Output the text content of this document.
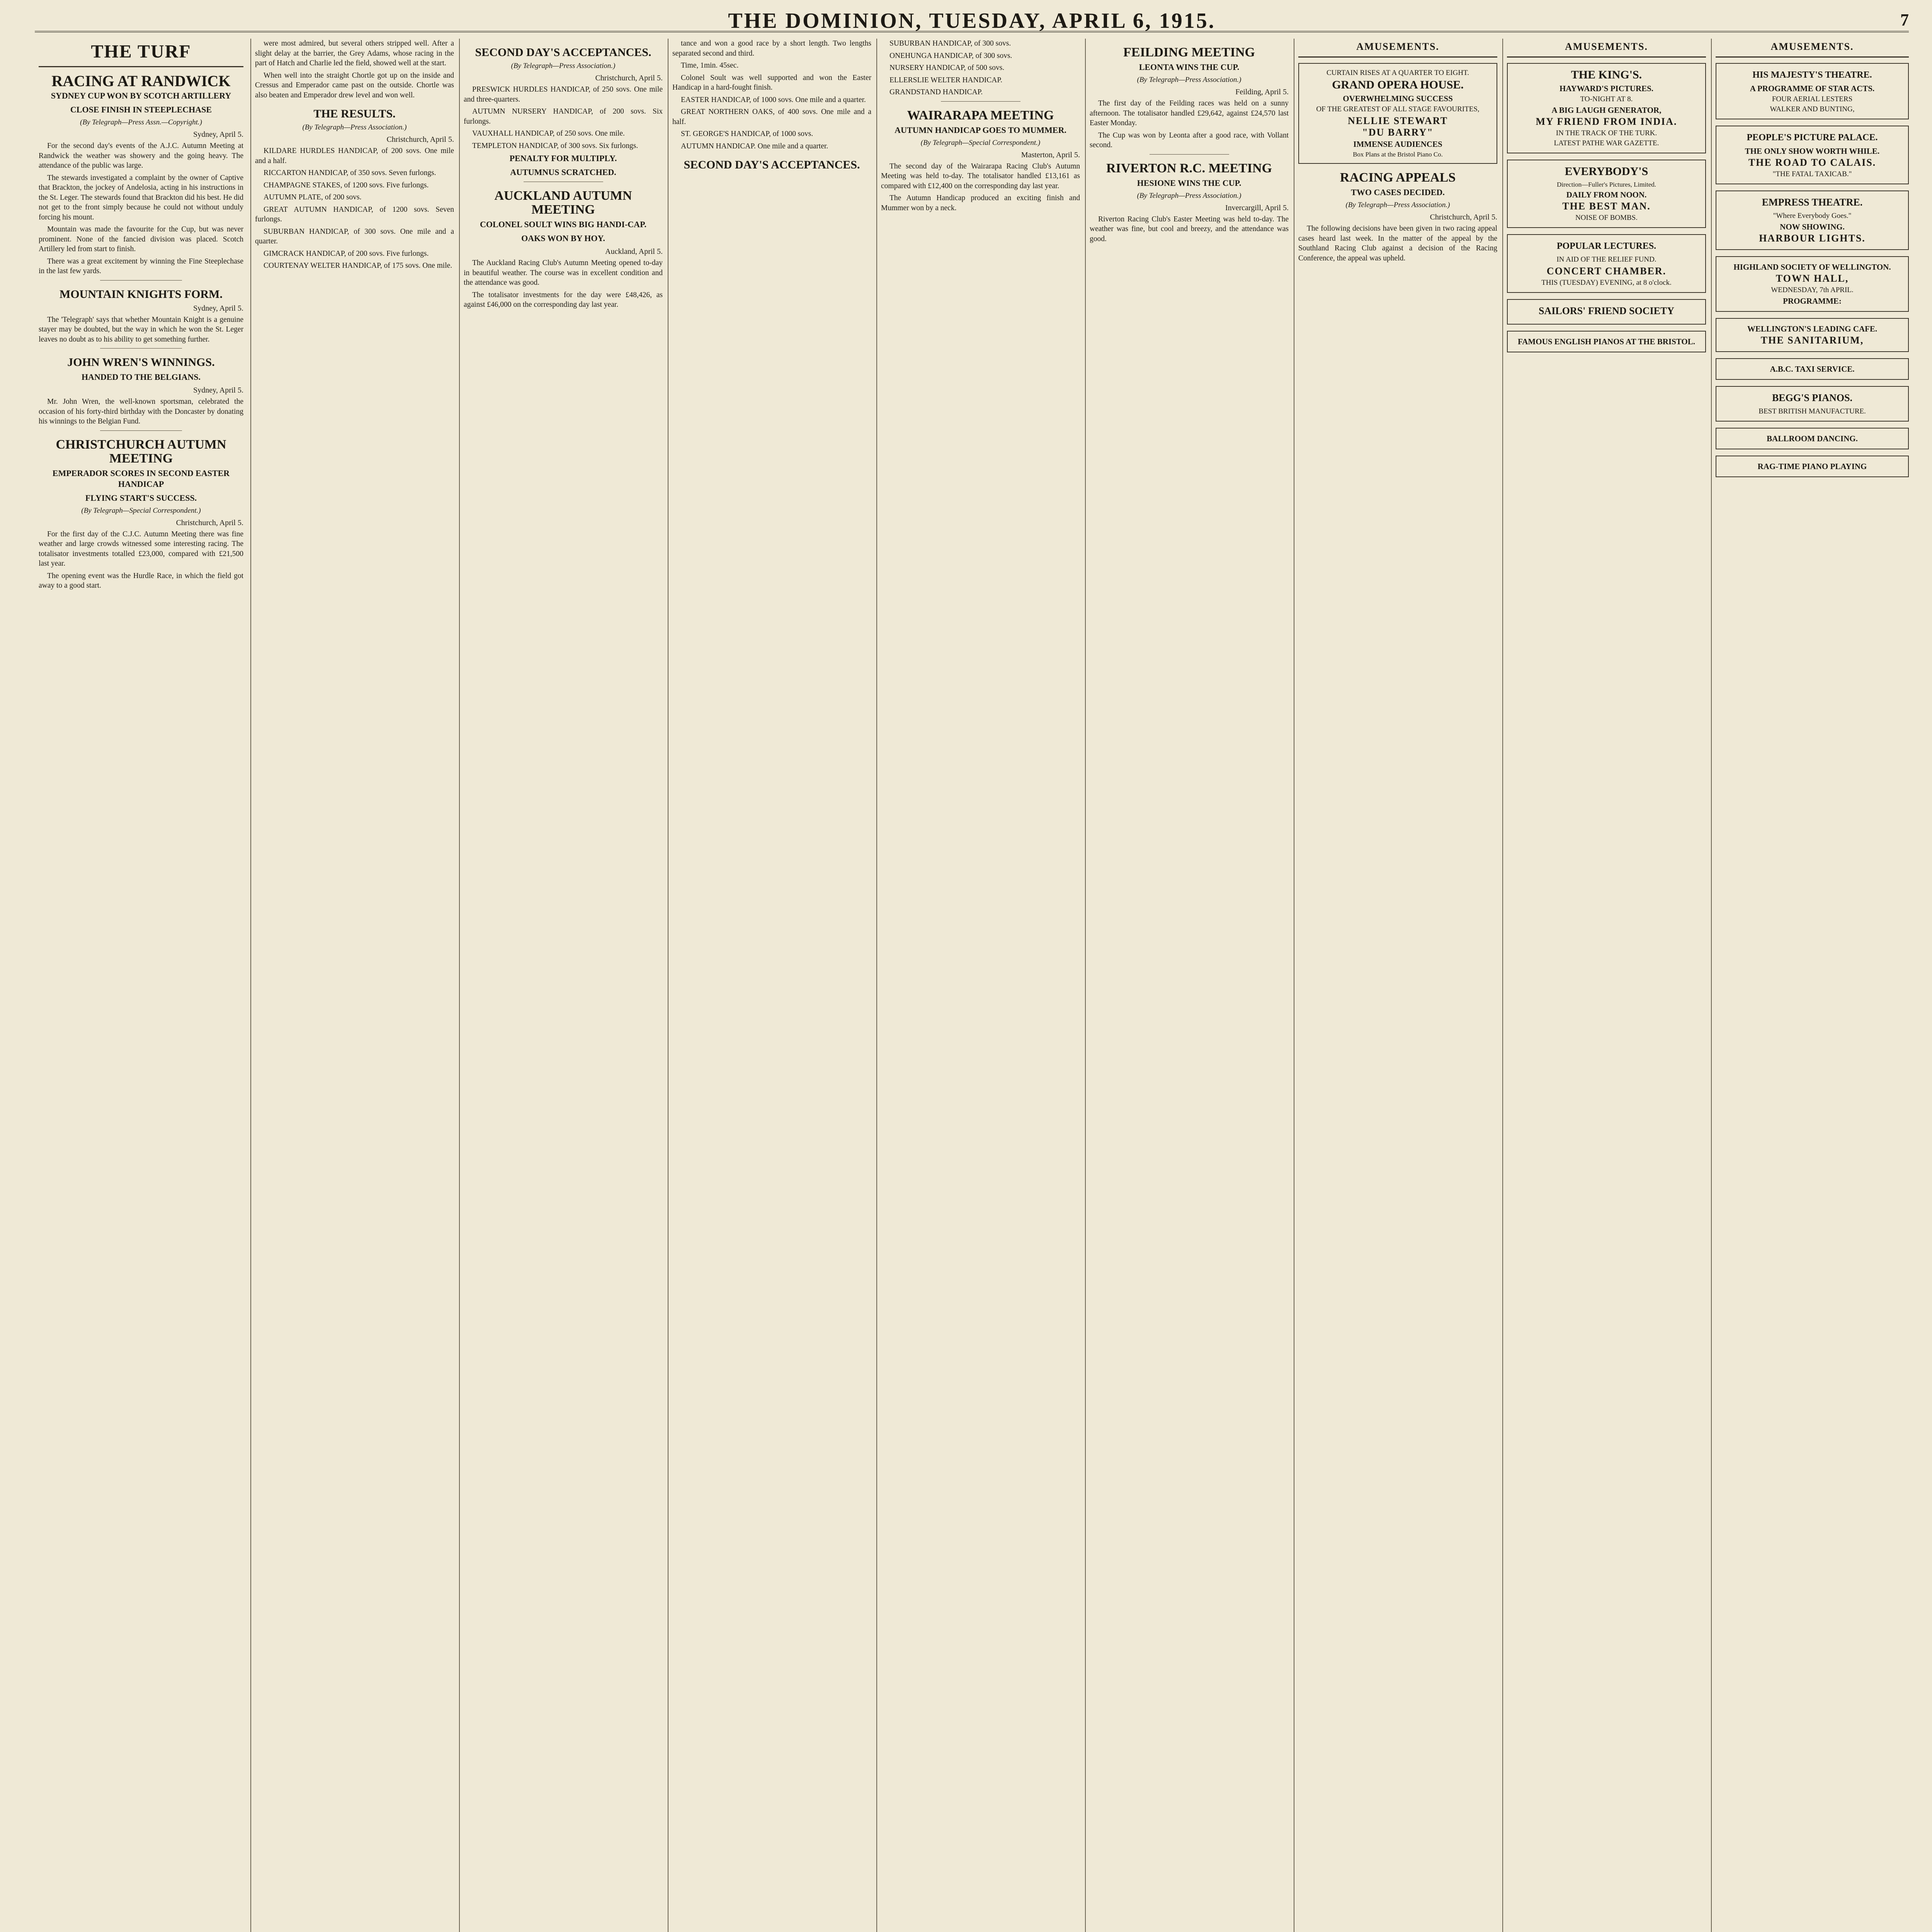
THE DOMINION, TUESDAY, APRIL 6, 1915.	7
THE TURF
RACING AT RANDWICK
SYDNEY CUP WON BY SCOTCH ARTILLERY
CLOSE FINISH IN STEEPLECHASE
(By Telegraph—Press Assn.—Copyright.)
Sydney, April 5.

For the second day's events of the A.J.C. Autumn Meeting at Randwick the weather was showery and the going heavy. The attendance of the public was large.

The stewards investigated a complaint by the owner of Captive that Brackton, the jockey of Andelosia, acting in his instructions in the St. Leger. The stewards found that Brackton did his best. He did not get to the front simply because he could not without unduly forcing his mount.

Mountain was made the favourite for the Cup, but was never prominent. None of the fancied division was placed. Scotch Artillery led from start to finish.

There was a great excitement by winning the Fine Steeplechase in the last few yards.

MOUNTAIN KNIGHTS FORM.
Sydney, April 5.

The 'Telegraph' says that whether Mountain Knight is a genuine stayer may be doubted, but the way in which he won the St. Leger leaves no doubt as to his ability to get something further.

JOHN WREN'S WINNINGS.
HANDED TO THE BELGIANS.
Sydney, April 5.

Mr. John Wren, the well-known sportsman, celebrated the occasion of his forty-third birthday with the Doncaster by donating his winnings to the Belgian Fund.

CHRISTCHURCH AUTUMN MEETING
EMPERADOR SCORES IN SECOND EASTER HANDICAP
FLYING START'S SUCCESS.
(By Telegraph—Special Correspondent.)
Christchurch, April 5.

For the first day of the C.J.C. Autumn Meeting there was fine weather and large crowds witnessed some interesting racing. The totalisator investments totalled £23,000, compared with £21,500 last year.

The opening event was the Hurdle Race, in which the field got away to a good start.

were most admired, but several others stripped well. After a slight delay at the barrier, the Grey Adams, whose racing in the part of Hatch and Charlie led the field, showed well at the start.

When well into the straight Chortle got up on the inside and Cressus and Emperador came past on the outside. Chortle was also beaten and Emperador drew level and won well.

THE RESULTS.
(By Telegraph—Press Association.)
Christchurch, April 5.

KILDARE HURDLES HANDICAP, of 200 sovs. One mile and a half.

RICCARTON HANDICAP, of 350 sovs. Seven furlongs.

CHAMPAGNE STAKES, of 1200 sovs. Five furlongs.

AUTUMN PLATE, of 200 sovs.

GREAT AUTUMN HANDICAP, of 1200 sovs. Seven furlongs.

SUBURBAN HANDICAP, of 300 sovs. One mile and a quarter.

GIMCRACK HANDICAP, of 200 sovs. Five furlongs.

COURTENAY WELTER HANDICAP, of 175 sovs. One mile.

SECOND DAY'S ACCEPTANCES.
(By Telegraph—Press Association.)
Christchurch, April 5.

PRESWICK HURDLES HANDICAP, of 250 sovs. One mile and three-quarters.

AUTUMN NURSERY HANDICAP, of 200 sovs. Six furlongs.

VAUXHALL HANDICAP, of 250 sovs. One mile.

TEMPLETON HANDICAP, of 300 sovs. Six furlongs.

PENALTY FOR MULTIPLY.
AUTUMNUS SCRATCHED.
AUCKLAND AUTUMN MEETING
COLONEL SOULT WINS BIG HANDI-CAP.
OAKS WON BY HOY.
Auckland, April 5.

The Auckland Racing Club's Autumn Meeting opened to-day in beautiful weather. The course was in excellent condition and the attendance was good.

The totalisator investments for the day were £48,426, as against £46,000 on the corresponding day last year.

tance and won a good race by a short length. Two lengths separated second and third.

Time, 1min. 45sec.

Colonel Soult was well supported and won the Easter Handicap in a hard-fought finish.

EASTER HANDICAP, of 1000 sovs. One mile and a quarter.

GREAT NORTHERN OAKS, of 400 sovs. One mile and a half.

ST. GEORGE'S HANDICAP, of 1000 sovs.

AUTUMN HANDICAP. One mile and a quarter.

SECOND DAY'S ACCEPTANCES.

SUBURBAN HANDICAP, of 300 sovs.

ONEHUNGA HANDICAP, of 300 sovs.

NURSERY HANDICAP, of 500 sovs.

ELLERSLIE WELTER HANDICAP.

GRANDSTAND HANDICAP.

WAIRARAPA MEETING
AUTUMN HANDICAP GOES TO MUMMER.
(By Telegraph—Special Correspondent.)
Masterton, April 5.

The second day of the Wairarapa Racing Club's Autumn Meeting was held to-day. The totalisator handled £13,161 as compared with £12,400 on the corresponding day last year.

The Autumn Handicap produced an exciting finish and Mummer won by a neck.

FEILDING MEETING
LEONTA WINS THE CUP.
(By Telegraph—Press Association.)
Feilding, April 5.

The first day of the Feilding races was held on a sunny afternoon. The totalisator handled £29,642, against £24,570 last Easter Monday.

The Cup was won by Leonta after a good race, with Vollant second.

RIVERTON R.C. MEETING
HESIONE WINS THE CUP.
(By Telegraph—Press Association.)
Invercargill, April 5.

Riverton Racing Club's Easter Meeting was held to-day. The weather was fine, but cool and breezy, and the attendance was good.

AMUSEMENTS.
CURTAIN RISES AT A QUARTER TO EIGHT.
GRAND OPERA HOUSE.
OVERWHELMING SUCCESS
OF THE GREATEST OF ALL STAGE FAVOURITES,
NELLIE STEWART
"DU BARRY"
IMMENSE AUDIENCES
Box Plans at the Bristol Piano Co.
RACING APPEALS
TWO CASES DECIDED.
(By Telegraph—Press Association.)
Christchurch, April 5.

The following decisions have been given in two racing appeal cases heard last week. In the matter of the appeal by the Southland Racing Club against a decision of the Racing Conference, the appeal was upheld.

AMUSEMENTS.
THE KING'S.
HAYWARD'S PICTURES.
TO-NIGHT AT 8.
A BIG LAUGH GENERATOR,
MY FRIEND FROM INDIA.
IN THE TRACK OF THE TURK.
LATEST PATHE WAR GAZETTE.
EVERYBODY'S
Direction—Fuller's Pictures, Limited.
DAILY FROM NOON.
THE BEST MAN.
NOISE OF BOMBS.
POPULAR LECTURES.
IN AID OF THE RELIEF FUND.
CONCERT CHAMBER.
THIS (TUESDAY) EVENING, at 8 o'clock.
SAILORS' FRIEND SOCIETY
FAMOUS ENGLISH PIANOS AT THE BRISTOL.
AMUSEMENTS.
HIS MAJESTY'S THEATRE.
A PROGRAMME OF STAR ACTS.
FOUR AERIAL LESTERS
WALKER AND BUNTING,
PEOPLE'S PICTURE PALACE.
THE ONLY SHOW WORTH WHILE.
THE ROAD TO CALAIS.
"THE FATAL TAXICAB."
EMPRESS THEATRE.
"Where Everybody Goes."
NOW SHOWING.
HARBOUR LIGHTS.
HIGHLAND SOCIETY OF WELLINGTON.
TOWN HALL,
WEDNESDAY, 7th APRIL.
PROGRAMME:
WELLINGTON'S LEADING CAFE.
THE SANITARIUM,
A.B.C. TAXI SERVICE.
BEGG'S PIANOS.
BEST BRITISH MANUFACTURE.
BALLROOM DANCING.
RAG-TIME PIANO PLAYING
